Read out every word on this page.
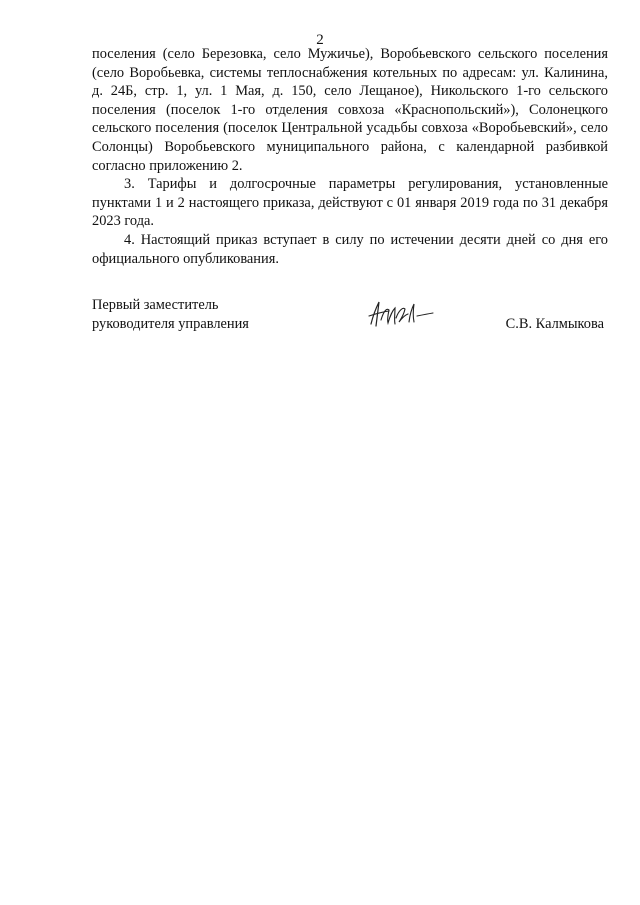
2

поселения (село Березовка, село Мужичье), Воробьевского сельского поселения (село Воробьевка, системы теплоснабжения котельных по адресам: ул. Калинина, д. 24Б, стр. 1, ул. 1 Мая, д. 150, село Лещаное), Никольского 1-го сельского поселения (поселок 1-го отделения совхоза «Краснопольский»), Солонецкого сельского поселения (поселок Центральной усадьбы совхоза «Воробьевский», село Солонцы) Воробьевского муниципального района, с календарной разбивкой согласно приложению 2.

3. Тарифы и долгосрочные параметры регулирования, установленные пунктами 1 и 2 настоящего приказа, действуют с 01 января 2019 года по 31 декабря 2023 года.

4. Настоящий приказ вступает в силу по истечении десяти дней со дня его официального опубликования.

Первый заместитель
руководителя управления	С.В. Калмыкова
